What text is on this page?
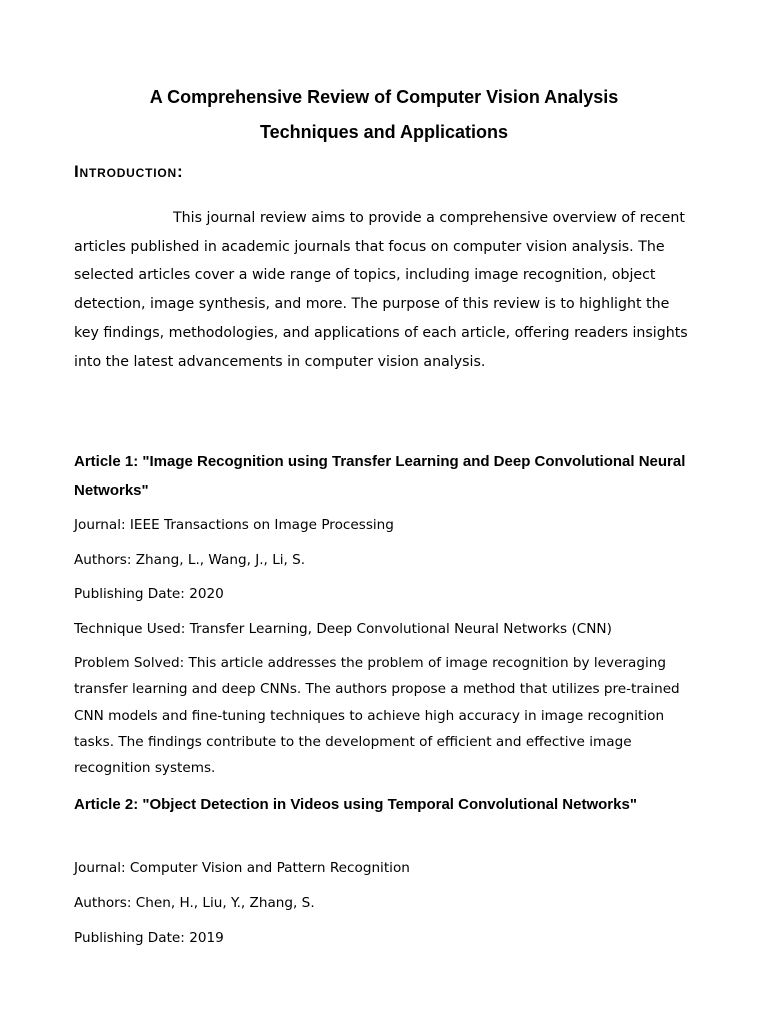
A Comprehensive Review of Computer Vision Analysis
Techniques and Applications
Introduction:

This journal review aims to provide a comprehensive overview of recent articles published in academic journals that focus on computer vision analysis. The selected articles cover a wide range of topics, including image recognition, object detection, image synthesis, and more. The purpose of this review is to highlight the key findings, methodologies, and applications of each article, offering readers insights into the latest advancements in computer vision analysis.

Article 1: "Image Recognition using Transfer Learning and Deep Convolutional Neural Networks"

Journal: IEEE Transactions on Image Processing
Authors: Zhang, L., Wang, J., Li, S.
Publishing Date: 2020
Technique Used: Transfer Learning, Deep Convolutional Neural Networks (CNN)

Problem Solved: This article addresses the problem of image recognition by leveraging transfer learning and deep CNNs. The authors propose a method that utilizes pre-trained CNN models and fine-tuning techniques to achieve high accuracy in image recognition tasks. The findings contribute to the development of efficient and effective image recognition systems.

Article 2: "Object Detection in Videos using Temporal Convolutional Networks"

Journal: Computer Vision and Pattern Recognition
Authors: Chen, H., Liu, Y., Zhang, S.
Publishing Date: 2019
